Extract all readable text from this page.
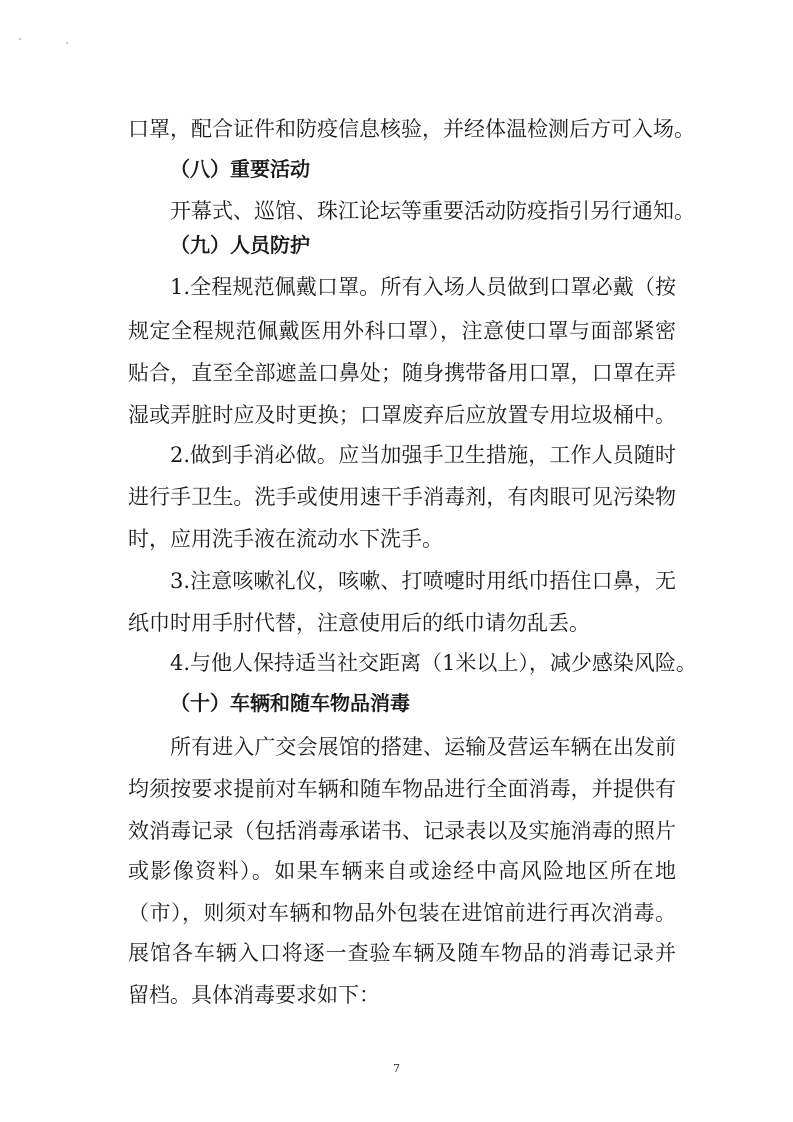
口罩，配合证件和防疫信息核验，并经体温检测后方可入场。
（八）重要活动
开幕式、巡馆、珠江论坛等重要活动防疫指引另行通知。
（九）人员防护
1.全程规范佩戴口罩。所有入场人员做到口罩必戴（按
规定全程规范佩戴医用外科口罩），注意使口罩与面部紧密
贴合，直至全部遮盖口鼻处；随身携带备用口罩，口罩在弄
湿或弄脏时应及时更换；口罩废弃后应放置专用垃圾桶中。
2.做到手消必做。应当加强手卫生措施，工作人员随时
进行手卫生。洗手或使用速干手消毒剂，有肉眼可见污染物
时，应用洗手液在流动水下洗手。
3.注意咳嗽礼仪，咳嗽、打喷嚏时用纸巾捂住口鼻，无
纸巾时用手肘代替，注意使用后的纸巾请勿乱丢。
4.与他人保持适当社交距离（1米以上），减少感染风险。
（十）车辆和随车物品消毒
所有进入广交会展馆的搭建、运输及营运车辆在出发前
均须按要求提前对车辆和随车物品进行全面消毒，并提供有
效消毒记录（包括消毒承诺书、记录表以及实施消毒的照片
或影像资料）。如果车辆来自或途经中高风险地区所在地
（市），则须对车辆和物品外包装在进馆前进行再次消毒。
展馆各车辆入口将逐一查验车辆及随车物品的消毒记录并
留档。具体消毒要求如下：
7
